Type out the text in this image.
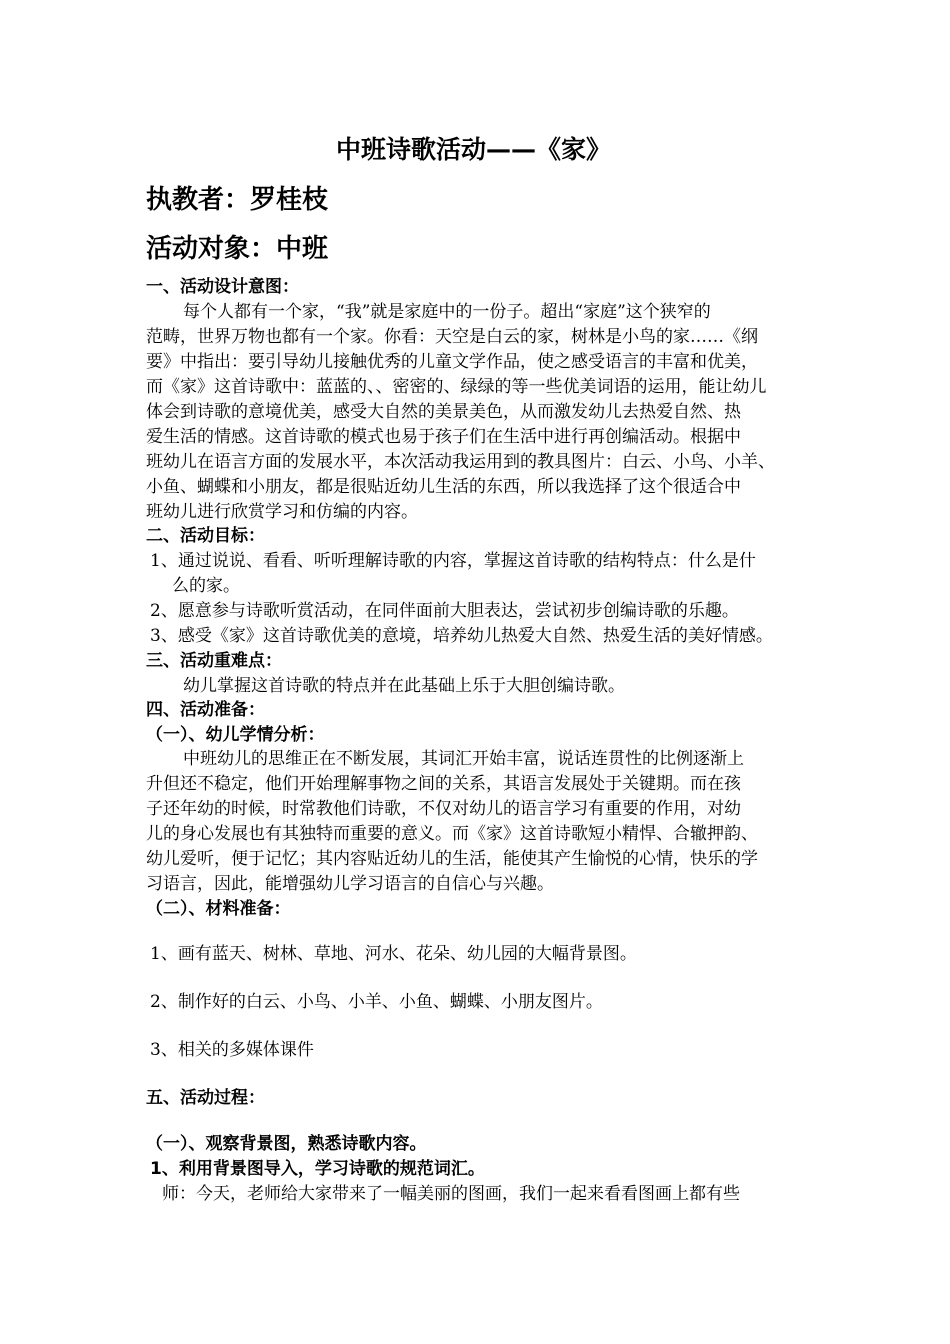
中班诗歌活动——《家》
执教者：罗桂枝
活动对象：中班
一、活动设计意图：
每个人都有一个家，“我”就是家庭中的一份子。超出“家庭”这个狭窄的
范畴，世界万物也都有一个家。你看：天空是白云的家，树林是小鸟的家……《纲
要》中指出：要引导幼儿接触优秀的儿童文学作品，使之感受语言的丰富和优美，
而《家》这首诗歌中：蓝蓝的、、密密的、绿绿的等一些优美词语的运用，能让幼儿
体会到诗歌的意境优美，感受大自然的美景美色，从而激发幼儿去热爱自然、热
爱生活的情感。这首诗歌的模式也易于孩子们在生活中进行再创编活动。根据中
班幼儿在语言方面的发展水平，本次活动我运用到的教具图片：白云、小鸟、小羊、
小鱼、蝴蝶和小朋友，都是很贴近幼儿生活的东西，所以我选择了这个很适合中
班幼儿进行欣赏学习和仿编的内容。
二、活动目标：
1、通过说说、看看、听听理解诗歌的内容，掌握这首诗歌的结构特点：什么是什
么的家。
2、愿意参与诗歌听赏活动，在同伴面前大胆表达，尝试初步创编诗歌的乐趣。
3、感受《家》这首诗歌优美的意境，培养幼儿热爱大自然、热爱生活的美好情感。
三、活动重难点：
幼儿掌握这首诗歌的特点并在此基础上乐于大胆创编诗歌。
四、活动准备：
（一）、幼儿学情分析：
中班幼儿的思维正在不断发展，其词汇开始丰富，说话连贯性的比例逐渐上
升但还不稳定，他们开始理解事物之间的关系，其语言发展处于关键期。而在孩
子还年幼的时候，时常教他们诗歌，不仅对幼儿的语言学习有重要的作用，对幼
儿的身心发展也有其独特而重要的意义。而《家》这首诗歌短小精悍、合辙押韵、
幼儿爱听，便于记忆；其内容贴近幼儿的生活，能使其产生愉悦的心情，快乐的学
习语言，因此，能增强幼儿学习语言的自信心与兴趣。
（二）、材料准备：
1、画有蓝天、树林、草地、河水、花朵、幼儿园的大幅背景图。
2、制作好的白云、小鸟、小羊、小鱼、蝴蝶、小朋友图片。
3、相关的多媒体课件
五、活动过程：
（一）、观察背景图，熟悉诗歌内容。
1、利用背景图导入，学习诗歌的规范词汇。
师：今天，老师给大家带来了一幅美丽的图画，我们一起来看看图画上都有些
